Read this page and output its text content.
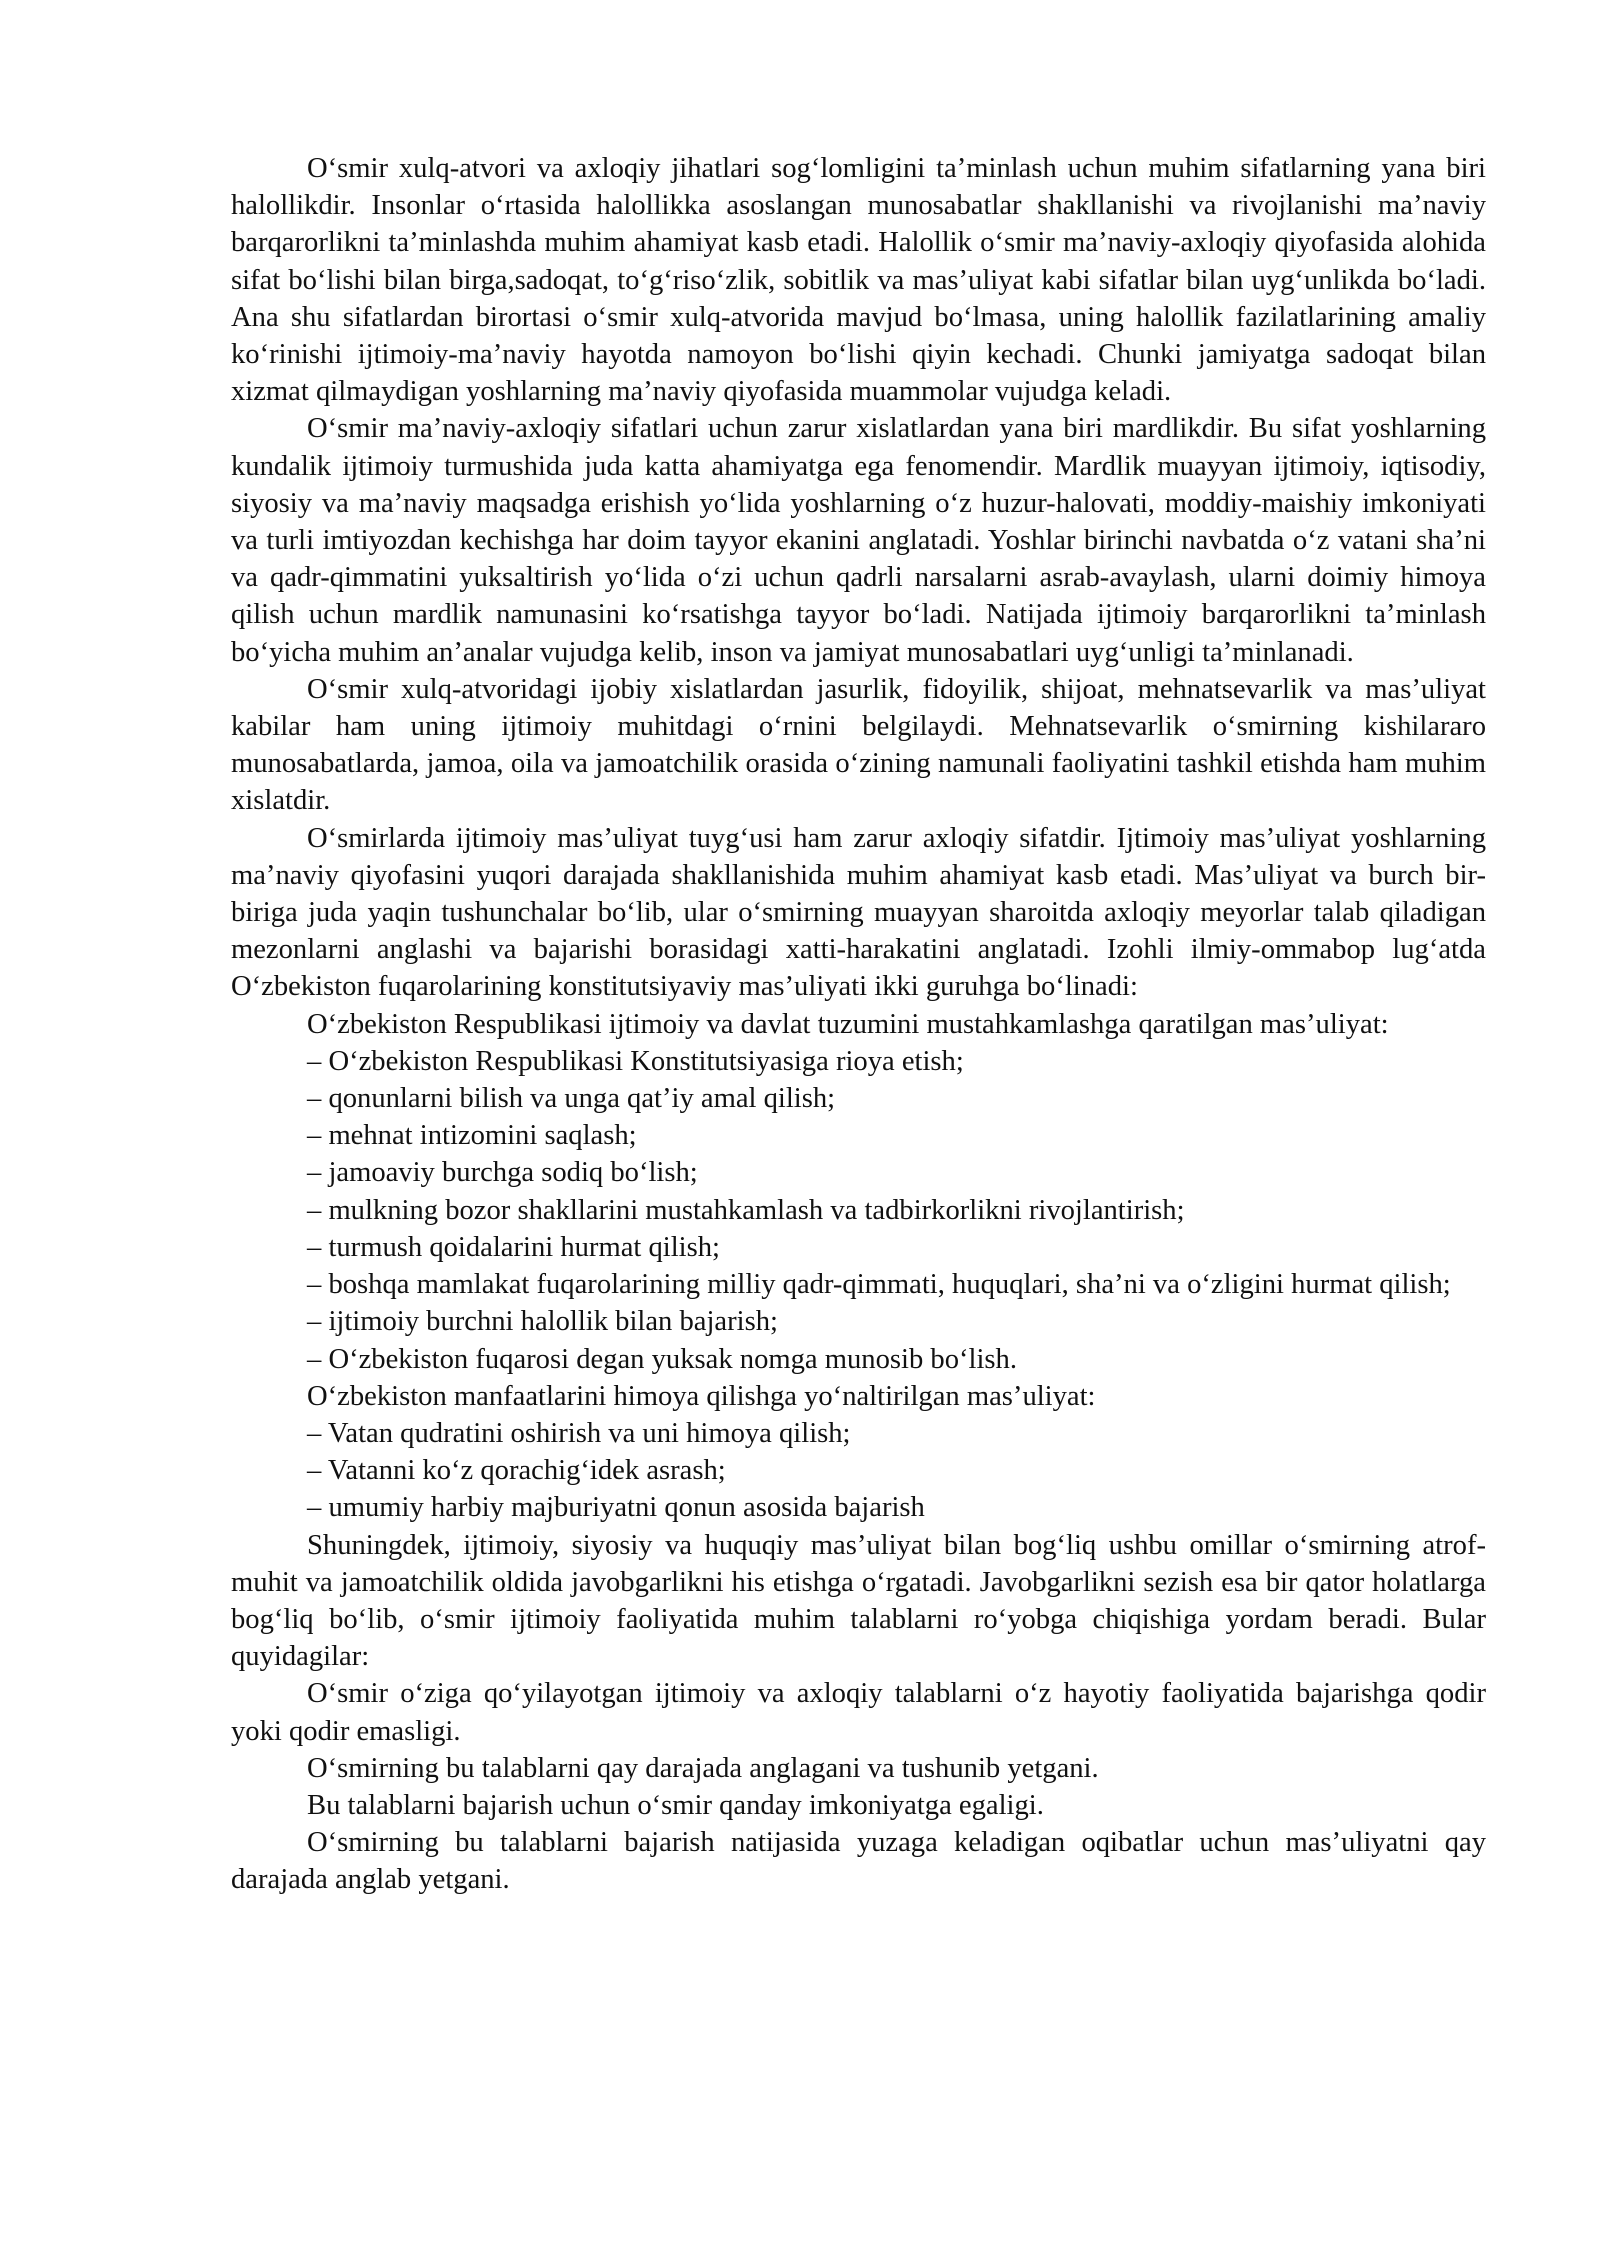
O‘smir xulq-atvori va axloqiy jihatlari sog‘lomligini ta’minlash uchun muhim sifatlarning yana biri halollikdir. Insonlar o‘rtasida halollikka asoslangan munosabatlar shakllanishi va rivojlanishi ma’naviy barqarorlikni ta’minlashda muhim ahamiyat kasb etadi. Halollik o‘smir ma’naviy-axloqiy qiyofasida alohida sifat bo‘lishi bilan birga,sadoqat, to‘g‘riso‘zlik, sobitlik va mas’uliyat kabi sifatlar bilan uyg‘unlikda bo‘ladi. Ana shu sifatlardan birortasi o‘smir xulq-atvorida mavjud bo‘lmasa, uning halollik fazilatlarining amaliy ko‘rinishi ijtimoiy-ma’naviy hayotda namoyon bo‘lishi qiyin kechadi. Chunki jamiyatga sadoqat bilan xizmat qilmaydigan yoshlarning ma’naviy qiyofasida muammolar vujudga keladi.

O‘smir ma’naviy-axloqiy sifatlari uchun zarur xislatlardan yana biri mardlikdir. Bu sifat yoshlarning kundalik ijtimoiy turmushida juda katta ahamiyatga ega fenomendir. Mardlik muayyan ijtimoiy, iqtisodiy, siyosiy va ma’naviy maqsadga erishish yo‘lida yoshlarning o‘z huzur-halovati, moddiy-maishiy imkoniyati va turli imtiyozdan kechishga har doim tayyor ekanini anglatadi. Yoshlar birinchi navbatda o‘z vatani sha’ni va qadr-qimmatini yuksaltirish yo‘lida o‘zi uchun qadrli narsalarni asrab-avaylash, ularni doimiy himoya qilish uchun mardlik namunasini ko‘rsatishga tayyor bo‘ladi. Natijada ijtimoiy barqarorlikni ta’minlash bo‘yicha muhim an’analar vujudga kelib, inson va jamiyat munosabatlari uyg‘unligi ta’minlanadi.

O‘smir xulq-atvoridagi ijobiy xislatlardan jasurlik, fidoyilik, shijoat, mehnatsevarlik va mas’uliyat kabilar ham uning ijtimoiy muhitdagi o‘rnini belgilaydi. Mehnatsevarlik o‘smirning kishilararo munosabatlarda, jamoa, oila va jamoatchilik orasida o‘zining namunali faoliyatini tashkil etishda ham muhim xislatdir.

O‘smirlarda ijtimoiy mas’uliyat tuyg‘usi ham zarur axloqiy sifatdir. Ijtimoiy mas’uliyat yoshlarning ma’naviy qiyofasini yuqori darajada shakllanishida muhim ahamiyat kasb etadi. Mas’uliyat va burch bir-biriga juda yaqin tushunchalar bo‘lib, ular o‘smirning muayyan sharoitda axloqiy meyorlar talab qiladigan mezonlarni anglashi va bajarishi borasidagi xatti-harakatini anglatadi. Izohli ilmiy-ommabop lug‘atda O‘zbekiston fuqarolarining konstitutsiyaviy mas’uliyati ikki guruhga bo‘linadi:

O‘zbekiston Respublikasi ijtimoiy va davlat tuzumini mustahkamlashga qaratilgan mas’uliyat:

– O‘zbekiston Respublikasi Konstitutsiyasiga rioya etish;

– qonunlarni bilish va unga qat’iy amal qilish;

– mehnat intizomini saqlash;

– jamoaviy burchga sodiq bo‘lish;

– mulkning bozor shakllarini mustahkamlash va tadbirkorlikni rivojlantirish;

– turmush qoidalarini hurmat qilish;

– boshqa mamlakat fuqarolarining milliy qadr-qimmati, huquqlari, sha’ni va o‘zligini hurmat qilish;

– ijtimoiy burchni halollik bilan bajarish;

– O‘zbekiston fuqarosi degan yuksak nomga munosib bo‘lish.

O‘zbekiston manfaatlarini himoya qilishga yo‘naltirilgan mas’uliyat:

– Vatan qudratini oshirish va uni himoya qilish;

– Vatanni ko‘z qorachig‘idek asrash;

– umumiy harbiy majburiyatni qonun asosida bajarish

Shuningdek, ijtimoiy, siyosiy va huquqiy mas’uliyat bilan bog‘liq ushbu omillar o‘smirning atrof-muhit va jamoatchilik oldida javobgarlikni his etishga o‘rgatadi. Javobgarlikni sezish esa bir qator holatlarga bog‘liq bo‘lib, o‘smir ijtimoiy faoliyatida muhim talablarni ro‘yobga chiqishiga yordam beradi. Bular quyidagilar:

O‘smir o‘ziga qo‘yilayotgan ijtimoiy va axloqiy talablarni o‘z hayotiy faoliyatida bajarishga qodir yoki qodir emasligi.

O‘smirning bu talablarni qay darajada anglagani va tushunib yetgani.

Bu talablarni bajarish uchun o‘smir qanday imkoniyatga egaligi.

O‘smirning bu talablarni bajarish natijasida yuzaga keladigan oqibatlar uchun mas’uliyatni qay darajada anglab yetgani.
